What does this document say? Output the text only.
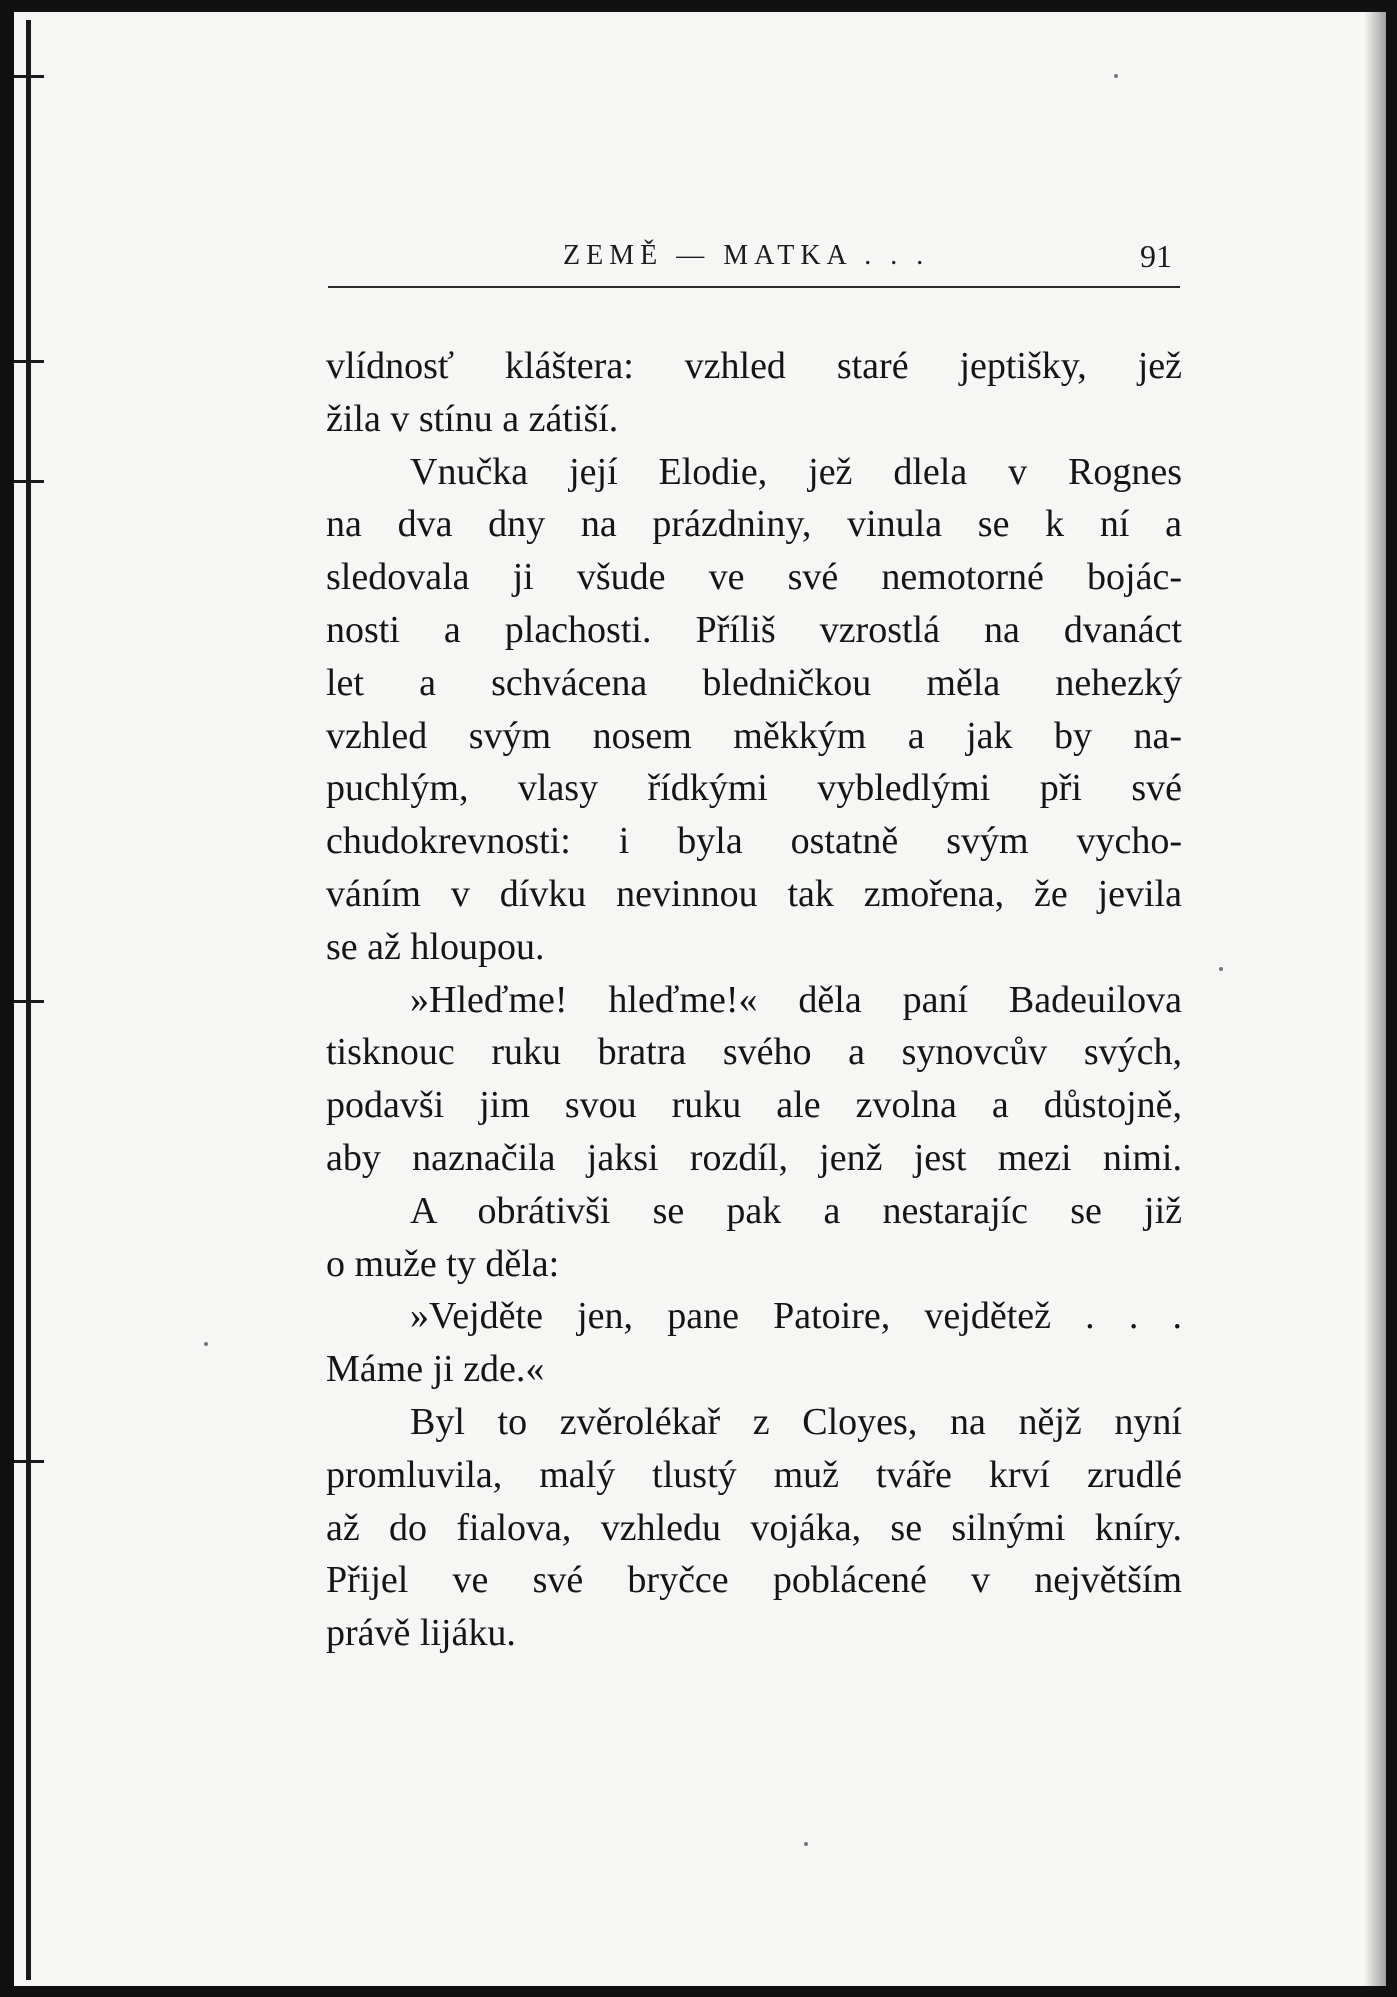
ZEMĚ — MATKA . . .	91
vlídnosť kláštera: vzhled staré jeptišky, jež
žila v stínu a zátiší.
Vnučka její Elodie, jež dlela v Rognes
na dva dny na prázdniny, vinula se k ní a
sledovala ji všude ve své nemotorné bojác-
nosti a plachosti. Příliš vzrostlá na dvanáct
let a schvácena bledničkou měla nehezký
vzhled svým nosem měkkým a jak by na-
puchlým, vlasy řídkými vybledlými při své
chudokrevnosti: i byla ostatně svým vycho-
váním v dívku nevinnou tak zmořena, že jevila
se až hloupou.
»Hleďme! hleďme!« děla paní Badeuilova
tisknouc ruku bratra svého a synovcův svých,
podavši jim svou ruku ale zvolna a důstojně,
aby naznačila jaksi rozdíl, jenž jest mezi nimi.
A obrátivši se pak a nestarajíc se již
o muže ty děla:
»Vejděte jen, pane Patoire, vejdětež . . .
Máme ji zde.«
Byl to zvěrolékař z Cloyes, na nějž nyní
promluvila, malý tlustý muž tváře krví zrudlé
až do fialova, vzhledu vojáka, se silnými kníry.
Přijel ve své bryčce poblácené v největším
právě lijáku.
